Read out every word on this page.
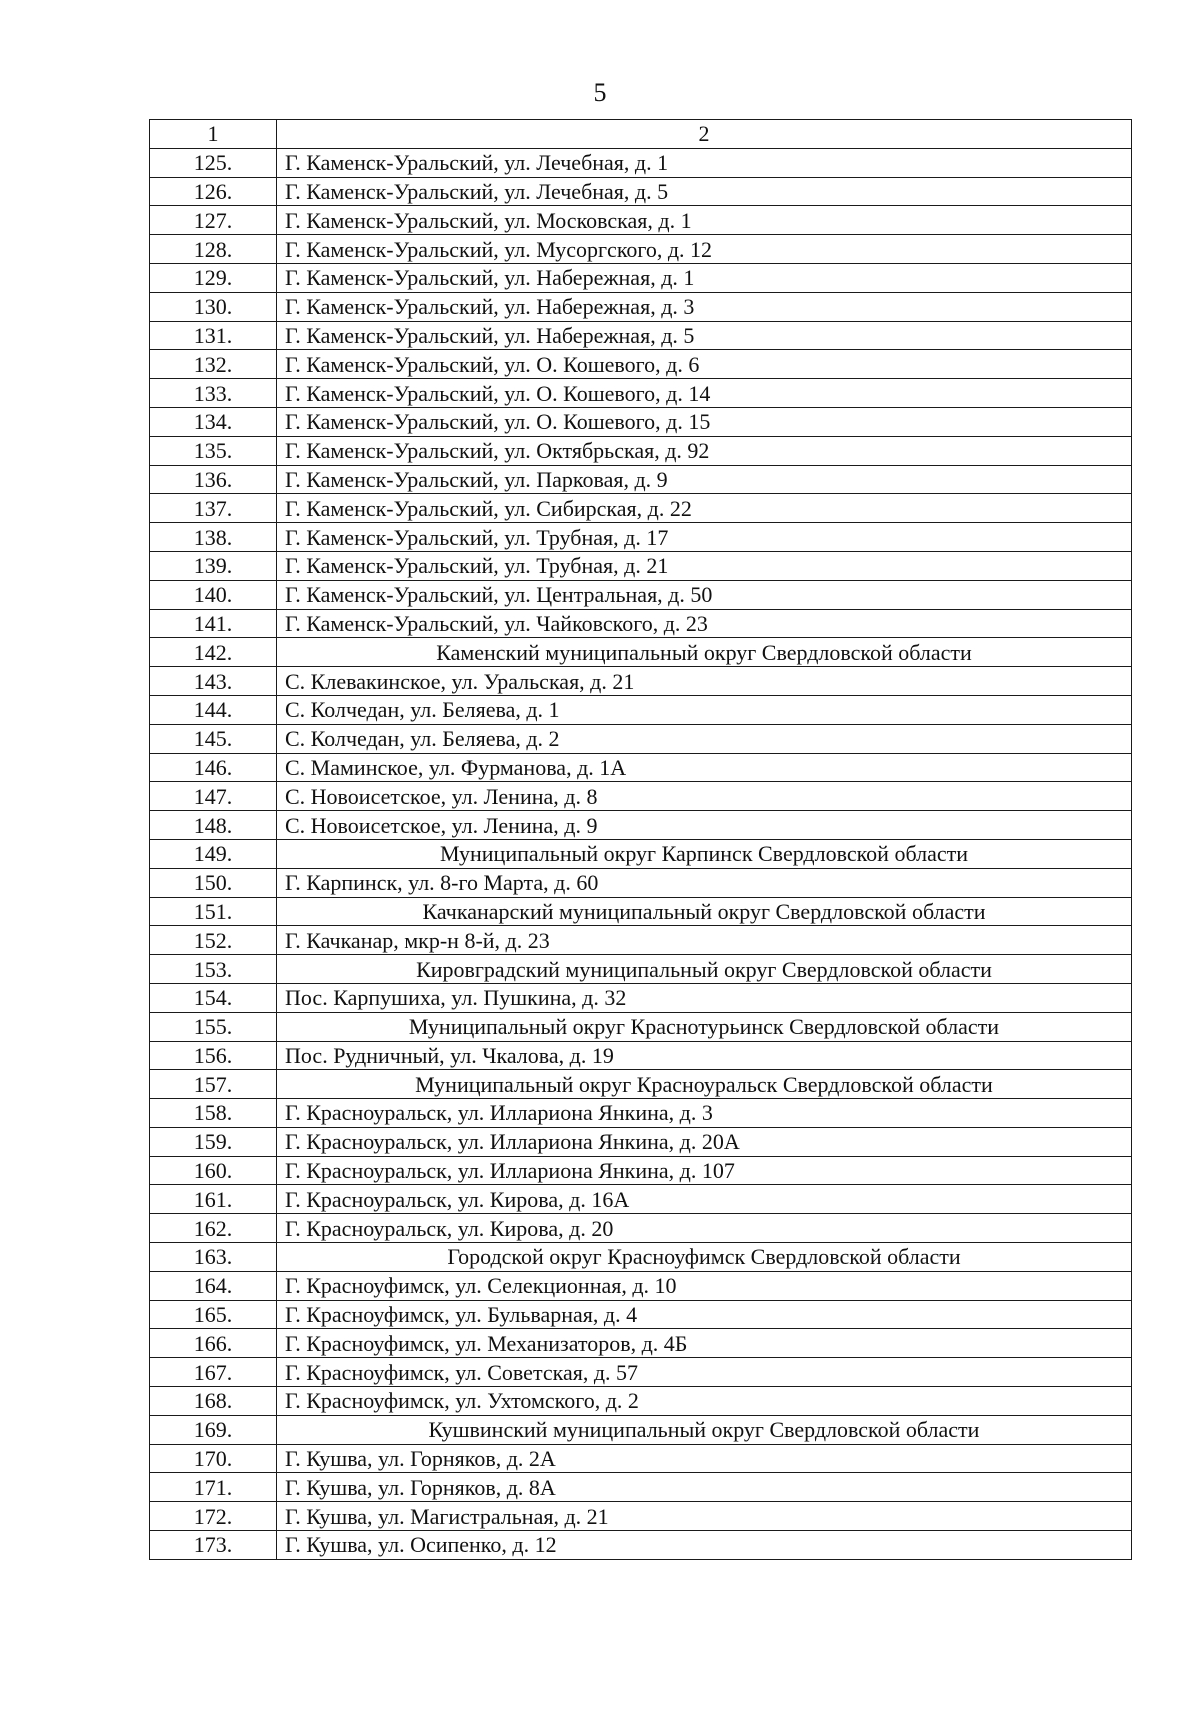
5
1	2
125.	Г. Каменск-Уральский, ул. Лечебная, д. 1
126.	Г. Каменск-Уральский, ул. Лечебная, д. 5
127.	Г. Каменск-Уральский, ул. Московская, д. 1
128.	Г. Каменск-Уральский, ул. Мусоргского, д. 12
129.	Г. Каменск-Уральский, ул. Набережная, д. 1
130.	Г. Каменск-Уральский, ул. Набережная, д. 3
131.	Г. Каменск-Уральский, ул. Набережная, д. 5
132.	Г. Каменск-Уральский, ул. О. Кошевого, д. 6
133.	Г. Каменск-Уральский, ул. О. Кошевого, д. 14
134.	Г. Каменск-Уральский, ул. О. Кошевого, д. 15
135.	Г. Каменск-Уральский, ул. Октябрьская, д. 92
136.	Г. Каменск-Уральский, ул. Парковая, д. 9
137.	Г. Каменск-Уральский, ул. Сибирская, д. 22
138.	Г. Каменск-Уральский, ул. Трубная, д. 17
139.	Г. Каменск-Уральский, ул. Трубная, д. 21
140.	Г. Каменск-Уральский, ул. Центральная, д. 50
141.	Г. Каменск-Уральский, ул. Чайковского, д. 23
142.	Каменский муниципальный округ Свердловской области
143.	С. Клевакинское, ул. Уральская, д. 21
144.	С. Колчедан, ул. Беляева, д. 1
145.	С. Колчедан, ул. Беляева, д. 2
146.	С. Маминское, ул. Фурманова, д. 1А
147.	С. Новоисетское, ул. Ленина, д. 8
148.	С. Новоисетское, ул. Ленина, д. 9
149.	Муниципальный округ Карпинск Свердловской области
150.	Г. Карпинск, ул. 8-го Марта, д. 60
151.	Качканарский муниципальный округ Свердловской области
152.	Г. Качканар, мкр-н 8-й, д. 23
153.	Кировградский муниципальный округ Свердловской области
154.	Пос. Карпушиха, ул. Пушкина, д. 32
155.	Муниципальный округ Краснотурьинск Свердловской области
156.	Пос. Рудничный, ул. Чкалова, д. 19
157.	Муниципальный округ Красноуральск Свердловской области
158.	Г. Красноуральск, ул. Иллариона Янкина, д. 3
159.	Г. Красноуральск, ул. Иллариона Янкина, д. 20А
160.	Г. Красноуральск, ул. Иллариона Янкина, д. 107
161.	Г. Красноуральск, ул. Кирова, д. 16А
162.	Г. Красноуральск, ул. Кирова, д. 20
163.	Городской округ Красноуфимск Свердловской области
164.	Г. Красноуфимск, ул. Селекционная, д. 10
165.	Г. Красноуфимск, ул. Бульварная, д. 4
166.	Г. Красноуфимск, ул. Механизаторов, д. 4Б
167.	Г. Красноуфимск, ул. Советская, д. 57
168.	Г. Красноуфимск, ул. Ухтомского, д. 2
169.	Кушвинский муниципальный округ Свердловской области
170.	Г. Кушва, ул. Горняков, д. 2А
171.	Г. Кушва, ул. Горняков, д. 8А
172.	Г. Кушва, ул. Магистральная, д. 21
173.	Г. Кушва, ул. Осипенко, д. 12
